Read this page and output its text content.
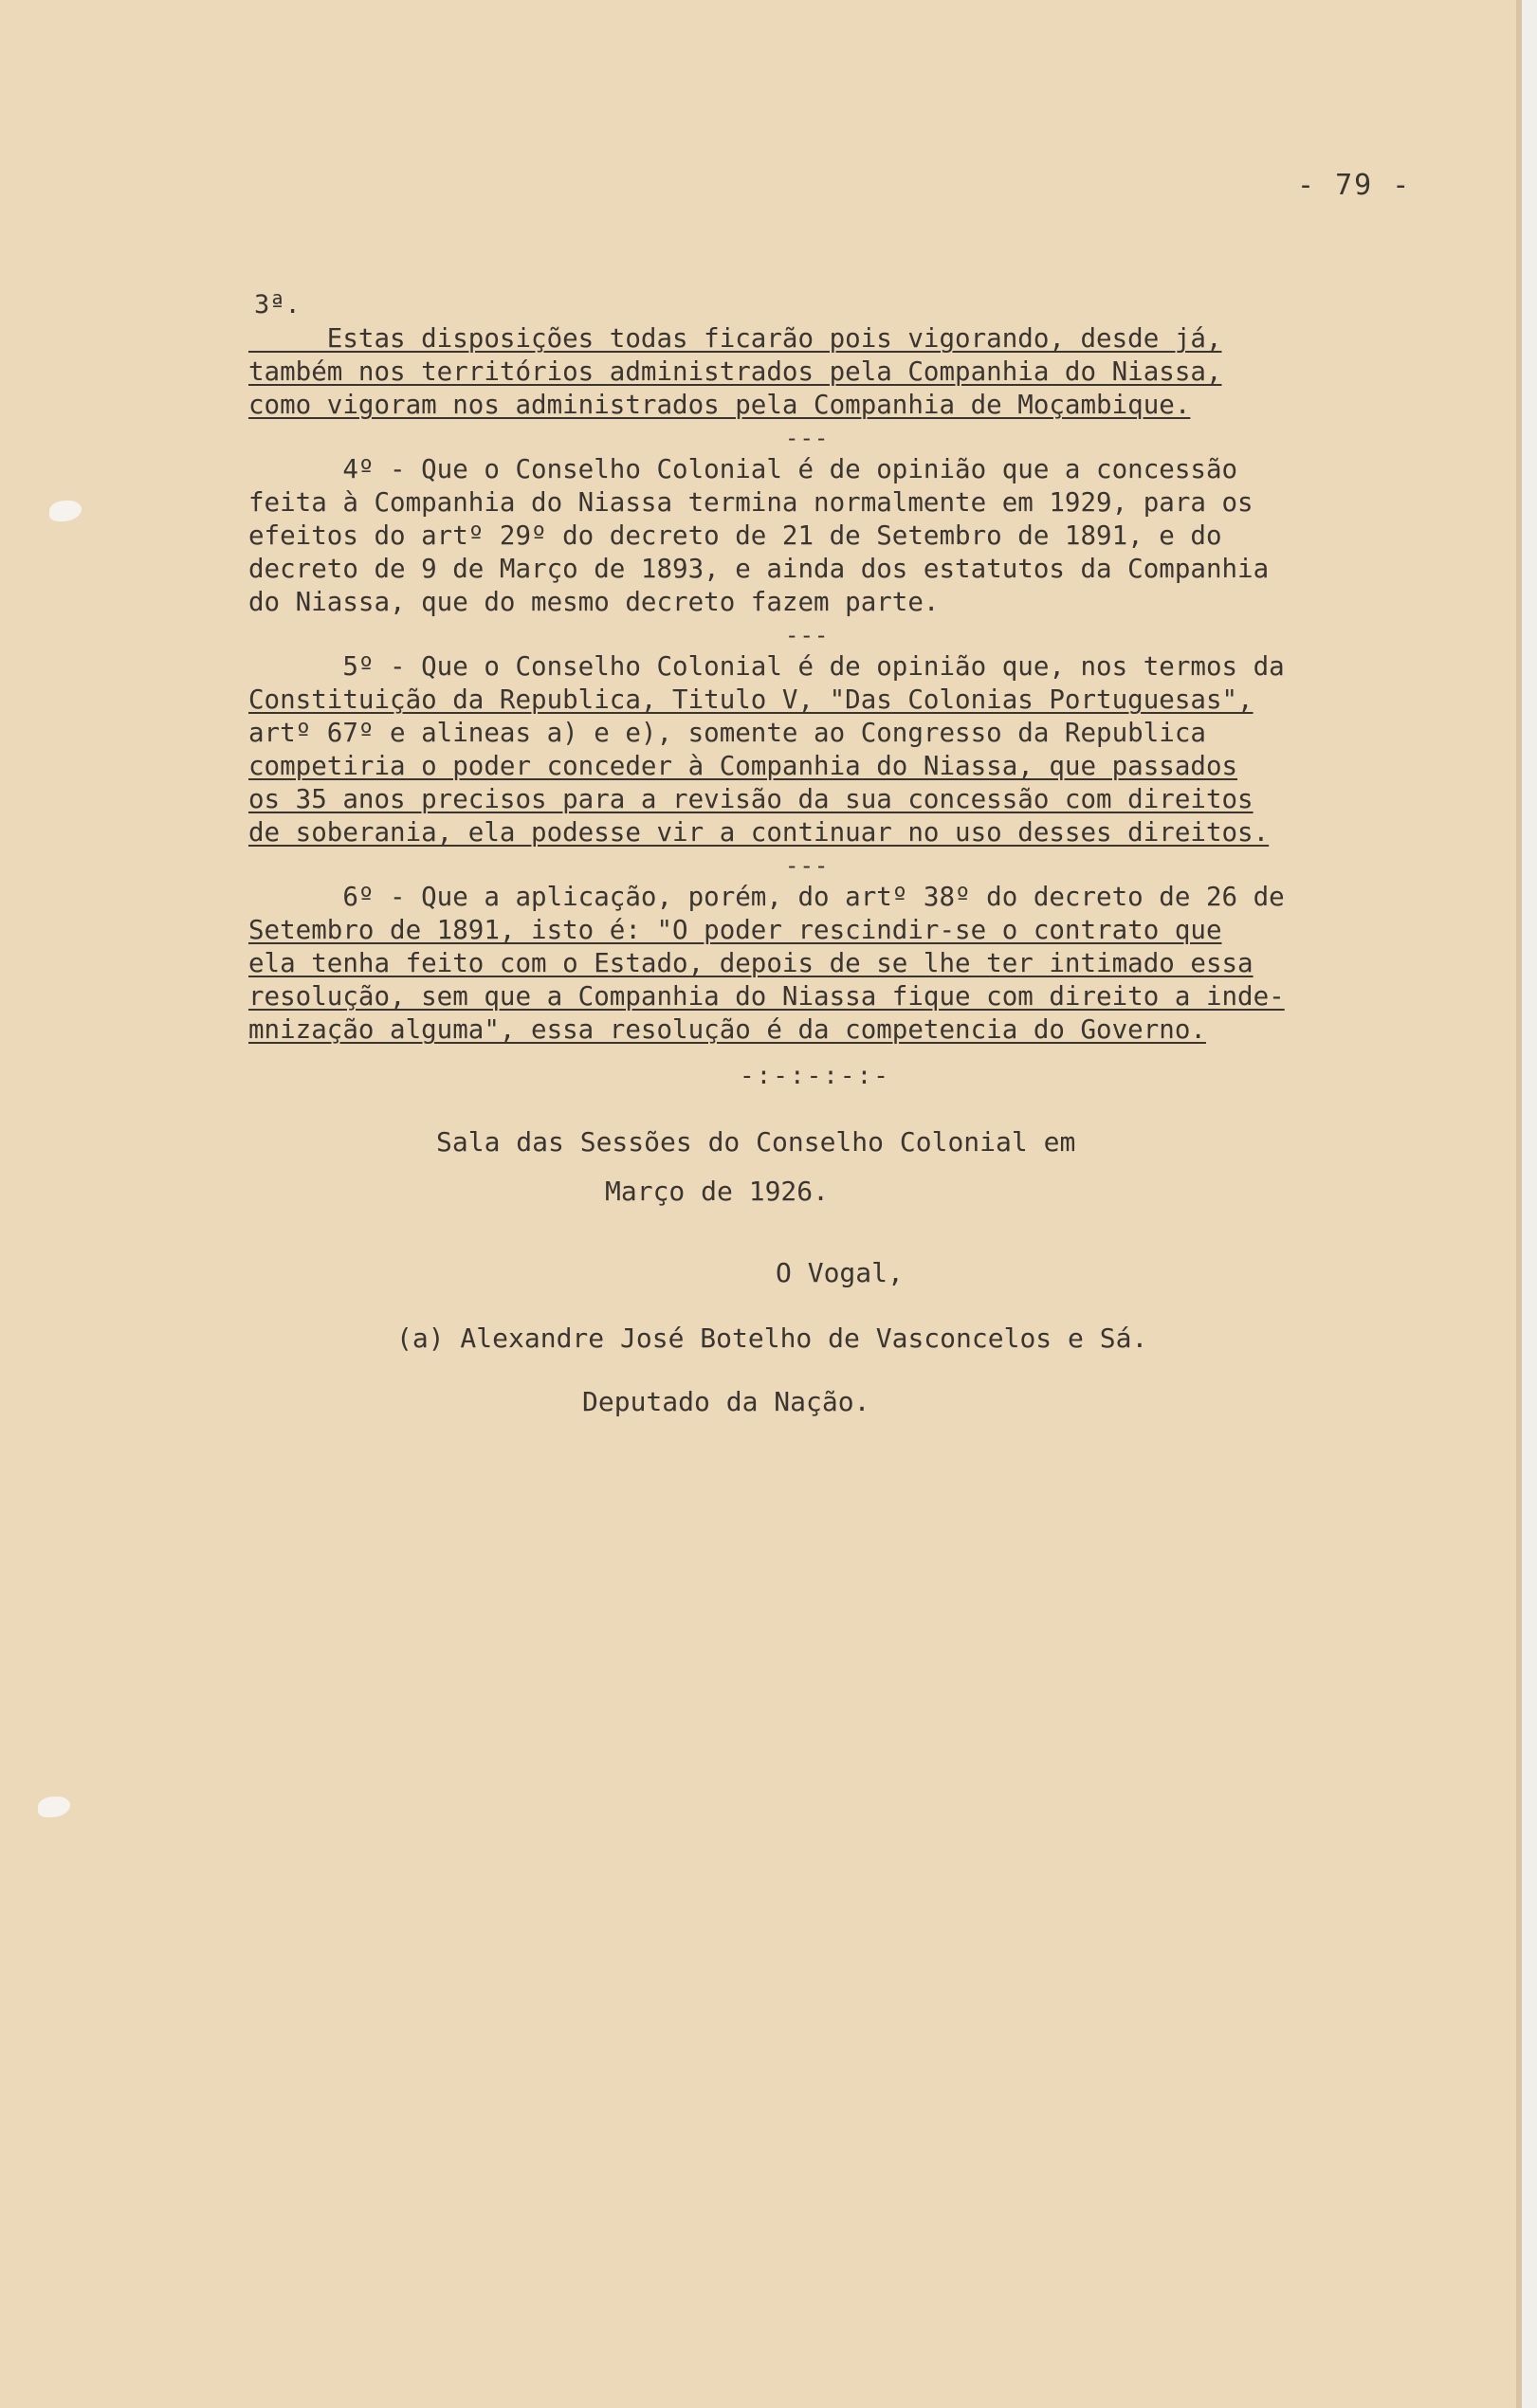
- 79 -
3ª.
Estas disposições todas ficarão pois vigorando, desde já,
também nos territórios administrados pela Companhia do Niassa,
como vigoram nos administrados pela Companhia de Moçambique.
---
4º - Que o Conselho Colonial é de opinião que a concessão
feita à Companhia do Niassa termina normalmente em 1929, para os
efeitos do artº 29º do decreto de 21 de Setembro de 1891, e do
decreto de 9 de Março de 1893, e ainda dos estatutos da Companhia
do Niassa, que do mesmo decreto fazem parte.
---
5º - Que o Conselho Colonial é de opinião que, nos termos da
Constituição da Republica, Titulo V, "Das Colonias Portuguesas",
artº 67º e alineas a) e e), somente ao Congresso da Republica
competiria o poder conceder à Companhia do Niassa, que passados
os 35 anos precisos para a revisão da sua concessão com direitos
de soberania, ela podesse vir a continuar no uso desses direitos.
---
6º - Que a aplicação, porém, do artº 38º do decreto de 26 de
Setembro de 1891, isto é: "O poder rescindir-se o contrato que
ela tenha feito com o Estado, depois de se lhe ter intimado essa
resolução, sem que a Companhia do Niassa fique com direito a inde-
mnização alguma", essa resolução é da competencia do Governo.
-:-:-:-:-
Sala das Sessões do Conselho Colonial em
Março de 1926.
O Vogal,
(a) Alexandre José Botelho de Vasconcelos e Sá.
Deputado da Nação.
